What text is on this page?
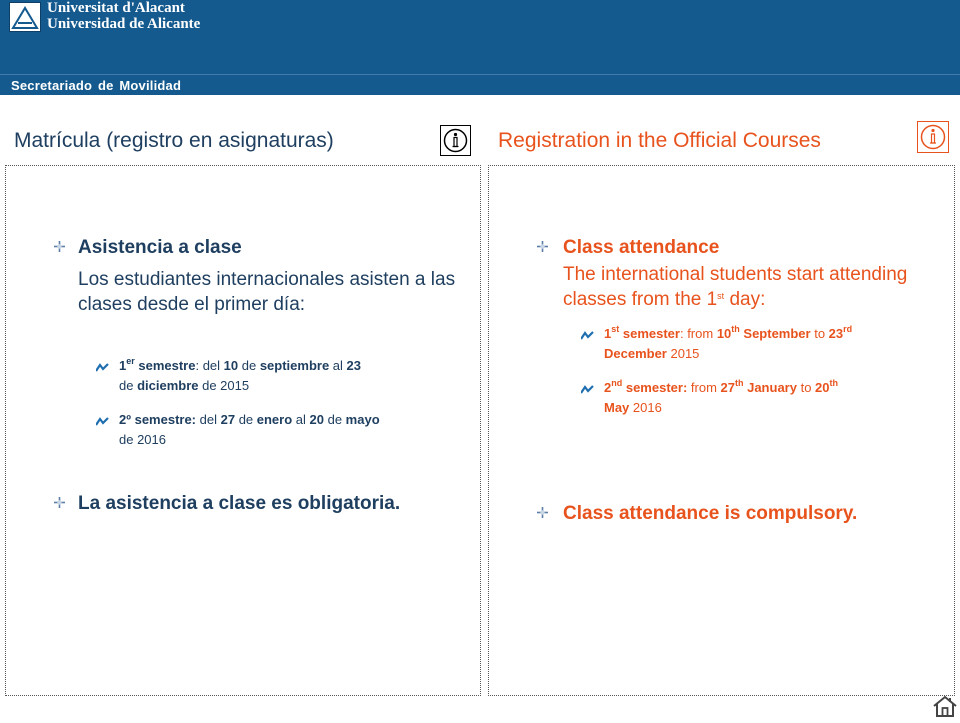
Universitat d'Alacant
Universidad de Alicante
Secretariado de Movilidad
Matrícula (registro en asignaturas)	Registration in the Official Courses
Asistencia a clase
Los estudiantes internacionales asisten a las clases desde el primer día:
1er semestre: del 10 de septiembre al 23
de diciembre de 2015
2º semestre: del 27 de enero al 20 de mayo
de 2016
La asistencia a clase es obligatoria.
Class attendance
The international students start attending classes from the 1st day:
1st semester: from 10th September to 23rd
December 2015
2nd semester: from 27th January to 20th
May 2016
Class attendance is compulsory.
